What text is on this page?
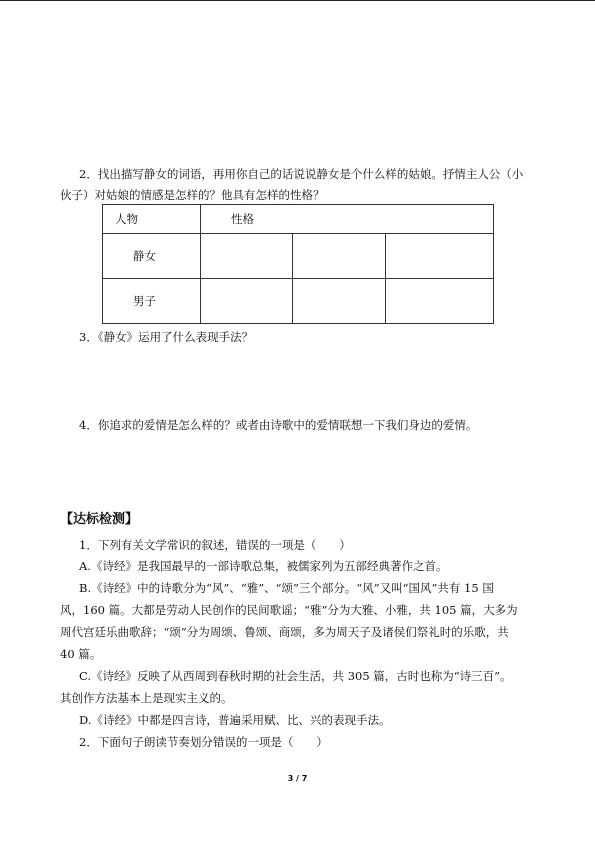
2．找出描写静女的词语，再用你自己的话说说静女是个什么样的姑娘。抒情主人公（小
伙子）对姑娘的情感是怎样的？他具有怎样的性格？
人物	性格		
静女			
男子			
3．《静女》运用了什么表现手法？
4．你追求的爱情是怎么样的？或者由诗歌中的爱情联想一下我们身边的爱情。
【达标检测】
1．下列有关文学常识的叙述，错误的一项是（　　）
A.《诗经》是我国最早的一部诗歌总集，被儒家列为五部经典著作之首。
B.《诗经》中的诗歌分为“风”、“雅”、“颂”三个部分。“风”又叫“国风”共有 15 国
风，160 篇。大都是劳动人民创作的民间歌谣；“雅”分为大雅、小雅，共 105 篇，大多为
周代宫廷乐曲歌辞；“颂”分为周颂、鲁颂、商颂，多为周天子及诸侯们祭礼时的乐歌，共
40 篇。
C.《诗经》反映了从西周到春秋时期的社会生活，共 305 篇，古时也称为“诗三百”。
其创作方法基本上是现实主义的。
D.《诗经》中都是四言诗，普遍采用赋、比、兴的表现手法。
2．下面句子朗读节奏划分错误的一项是（　　）
3 / 7
